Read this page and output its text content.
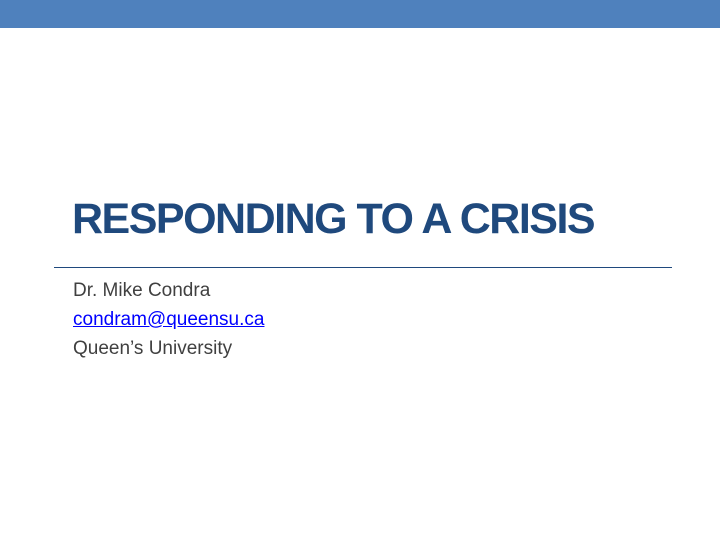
RESPONDING TO A CRISIS
Dr. Mike Condra
condram@queensu.ca
Queen’s University
